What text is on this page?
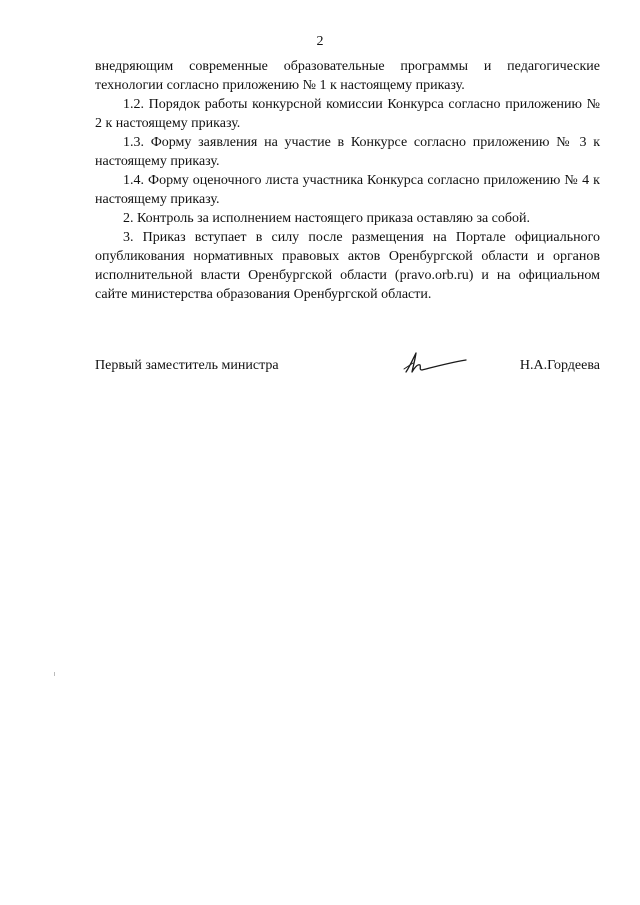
2

внедряющим современные образовательные программы и педагогические технологии согласно приложению № 1 к настоящему приказу.

1.2. Порядок работы конкурсной комиссии Конкурса согласно приложению № 2 к настоящему приказу.

1.3. Форму заявления на участие в Конкурсе согласно приложению № 3 к настоящему приказу.

1.4. Форму оценочного листа участника Конкурса согласно приложению № 4 к настоящему приказу.

2. Контроль за исполнением настоящего приказа оставляю за собой.

3. Приказ вступает в силу после размещения на Портале официального опубликования нормативных правовых актов Оренбургской области и органов исполнительной власти Оренбургской области (pravo.orb.ru) и на официальном сайте министерства образования Оренбургской области.

Первый заместитель министра	Н.А.Гордеева
